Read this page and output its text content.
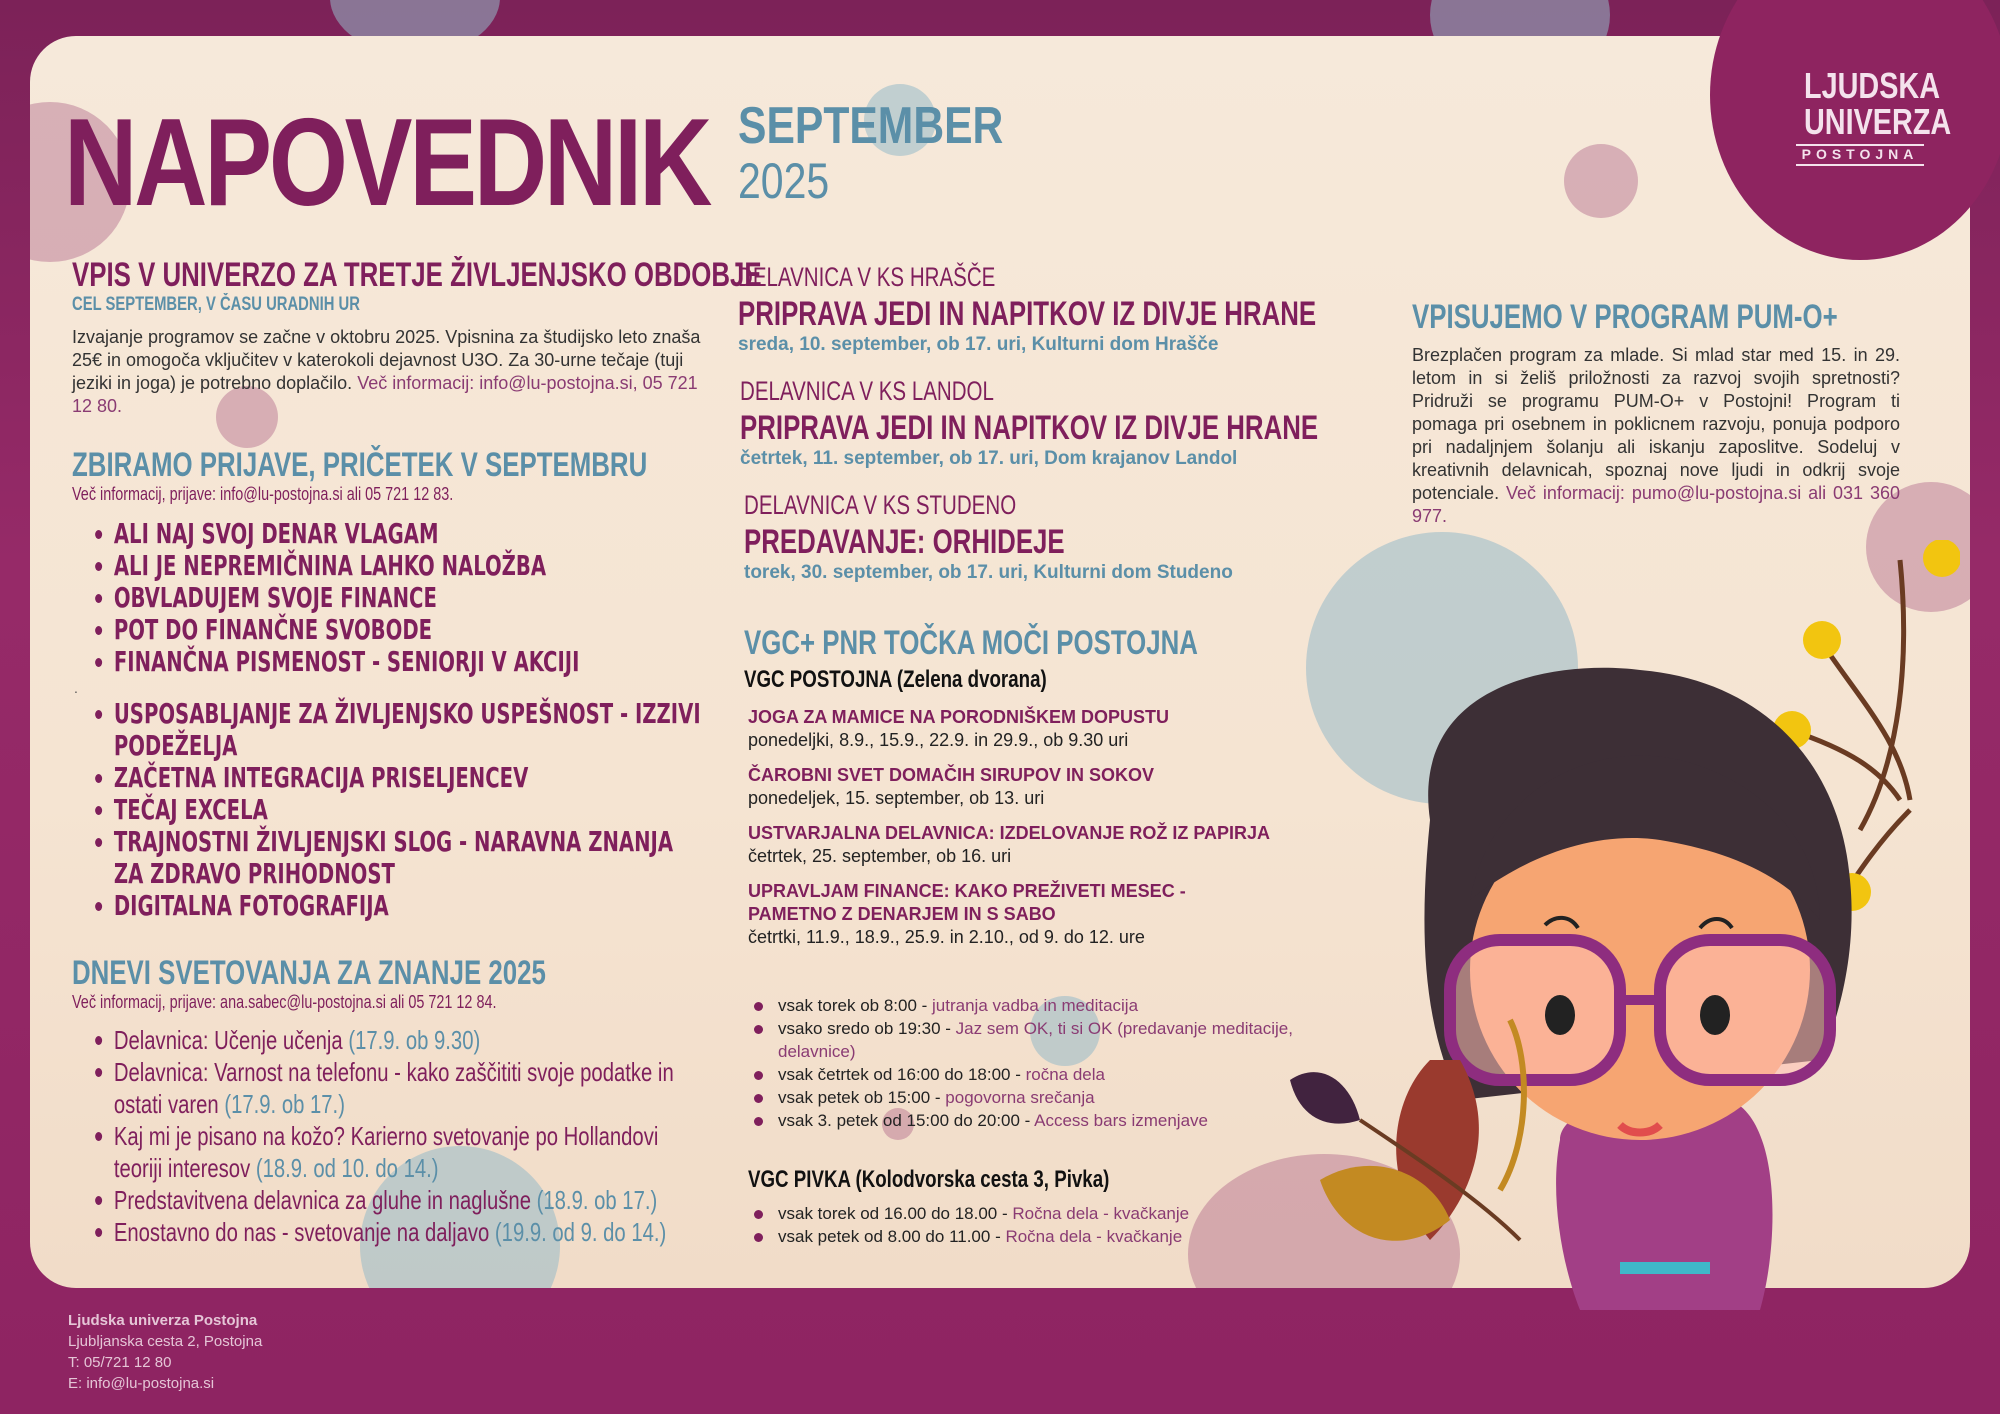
LJUDSKA
UNIVERZA
POSTOJNA
NAPOVEDNIK SEPTEMBER
2025
VPIS V UNIVERZO ZA TRETJE ŽIVLJENJSKO OBDOBJE
CEL SEPTEMBER, V ČASU URADNIH UR
Izvajanje programov se začne v oktobru 2025. Vpisnina za študijsko leto znaša 25€ in omogoča vključitev v katerokoli dejavnost U3O. Za 30-urne tečaje (tuji jeziki in joga) je potrebno doplačilo. Več informacij: info@lu-postojna.si, 05 721 12 80.
ZBIRAMO PRIJAVE, PRIČETEK V SEPTEMBRU
Več informacij, prijave: info@lu-postojna.si ali 05 721 12 83.
ALI NAJ SVOJ DENAR VLAGAM
ALI JE NEPREMIČNINA LAHKO NALOŽBA
OBVLADUJEM SVOJE FINANCE
POT DO FINANČNE SVOBODE
FINANČNA PISMENOST - SENIORJI V AKCIJI
.
USPOSABLJANJE ZA ŽIVLJENJSKO USPEŠNOST - IZZIVI
PODEŽELJA
ZAČETNA INTEGRACIJA PRISELJENCEV
TEČAJ EXCELA
TRAJNOSTNI ŽIVLJENJSKI SLOG - NARAVNA ZNANJA
ZA ZDRAVO PRIHODNOST
DIGITALNA FOTOGRAFIJA
DNEVI SVETOVANJA ZA ZNANJE 2025
Več informacij, prijave: ana.sabec@lu-postojna.si ali 05 721 12 84.
Delavnica: Učenje učenja (17.9. ob 9.30)
Delavnica: Varnost na telefonu - kako zaščititi svoje podatke in ostati varen (17.9. ob 17.)
Kaj mi je pisano na kožo? Karierno svetovanje po Hollandovi teoriji interesov (18.9. od 10. do 14.)
Predstavitvena delavnica za gluhe in naglušne (18.9. ob 17.)
Enostavno do nas - svetovanje na daljavo (19.9. od 9. do 14.)
DELAVNICA V KS HRAŠČE
PRIPRAVA JEDI IN NAPITKOV IZ DIVJE HRANE
sreda, 10. september, ob 17. uri, Kulturni dom Hrašče
DELAVNICA V KS LANDOL
PRIPRAVA JEDI IN NAPITKOV IZ DIVJE HRANE
četrtek, 11. september, ob 17. uri, Dom krajanov Landol
DELAVNICA V KS STUDENO
PREDAVANJE: ORHIDEJE
torek, 30. september, ob 17. uri, Kulturni dom Studeno
VGC+ PNR TOČKA MOČI POSTOJNA
VGC POSTOJNA (Zelena dvorana)
JOGA ZA MAMICE NA PORODNIŠKEM DOPUSTU
ponedeljki, 8.9., 15.9., 22.9. in 29.9., ob 9.30 uri
ČAROBNI SVET DOMAČIH SIRUPOV IN SOKOV
ponedeljek, 15. september, ob 13. uri
USTVARJALNA DELAVNICA: IZDELOVANJE ROŽ IZ PAPIRJA
četrtek, 25. september, ob 16. uri
UPRAVLJAM FINANCE: KAKO PREŽIVETI MESEC - PAMETNO Z DENARJEM IN S SABO
četrtki, 11.9., 18.9., 25.9. in 2.10., od 9. do 12. ure
vsak torek ob 8:00 - jutranja vadba in meditacija
vsako sredo ob 19:30 - Jaz sem OK, ti si OK (predavanje meditacije, delavnice)
vsak četrtek od 16:00 do 18:00 - ročna dela
vsak petek ob 15:00 - pogovorna srečanja
vsak 3. petek od 15:00 do 20:00 - Access bars izmenjave
VGC PIVKA (Kolodvorska cesta 3, Pivka)
vsak torek od 16.00 do 18.00 - Ročna dela - kvačkanje
vsak petek od 8.00 do 11.00 - Ročna dela - kvačkanje
VPISUJEMO V PROGRAM PUM-O+
Brezplačen program za mlade. Si mlad star med 15. in 29. letom in si želiš priložnosti za razvoj svojih spretnosti? Pridruži se programu PUM-O+ v Postojni! Program ti pomaga pri osebnem in poklicnem razvoju, ponuja podporo pri nadaljnjem šolanju ali iskanju zaposlitve. Sodeluj v kreativnih delavnicah, spoznaj nove ljudi in odkrij svoje potenciale. Več informacij: pumo@lu-postojna.si ali 031 360 977.
Ljudska univerza Postojna
Ljubljanska cesta 2, Postojna
T: 05/721 12 80
E: info@lu-postojna.si
